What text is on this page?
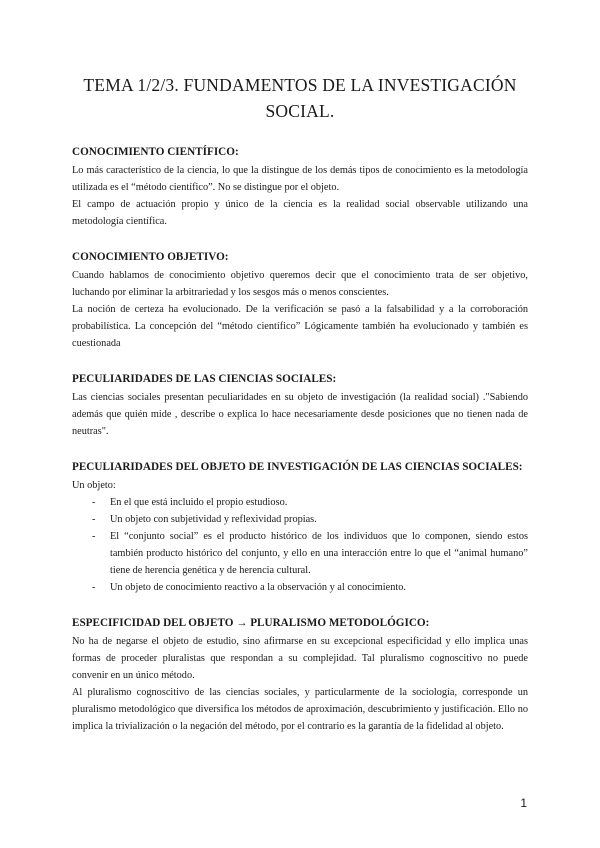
TEMA 1/2/3. FUNDAMENTOS DE LA INVESTIGACIÓN SOCIAL.
CONOCIMIENTO CIENTÍFICO:

Lo más característico de la ciencia, lo que la distingue de los demás tipos de conocimiento es la metodología utilizada es el “método científico”. No se distingue por el objeto.

El campo de actuación propio y único de la ciencia es la realidad social observable utilizando una metodología científica.

CONOCIMIENTO OBJETIVO:

Cuando hablamos de conocimiento objetivo queremos decir que el conocimiento trata de ser objetivo, luchando por eliminar la arbitrariedad y los sesgos más o menos conscientes.

La noción de certeza ha evolucionado. De la verificación se pasó a la falsabilidad y a la corroboración probabilística. La concepción del “método científico” Lógicamente también ha evolucionado y también es cuestionada

PECULIARIDADES DE LAS CIENCIAS SOCIALES:

Las ciencias sociales presentan peculiaridades en su objeto de investigación (la realidad social) ."Sabiendo además que quién mide , describe o explica lo hace necesariamente desde posiciones que no tienen nada de neutras".

PECULIARIDADES DEL OBJETO DE INVESTIGACIÓN DE LAS CIENCIAS SOCIALES:

Un objeto:

- En el que está incluido el propio estudioso.
- Un objeto con subjetividad y reflexividad propias.
- El “conjunto social” es el producto histórico de los individuos que lo componen, siendo estos también producto histórico del conjunto, y ello en una interacción entre lo que el “animal humano” tiene de herencia genética y de herencia cultural.
- Un objeto de conocimiento reactivo a la observación y al conocimiento.
ESPECIFICIDAD DEL OBJETO → PLURALISMO METODOLÓGICO:

No ha de negarse el objeto de estudio, sino afirmarse en su excepcional especificidad y ello implica unas formas de proceder pluralistas que respondan a su complejidad. Tal pluralismo cognoscitivo no puede convenir en un único método.

Al pluralismo cognoscitivo de las ciencias sociales, y particularmente de la sociología, corresponde un pluralismo metodológico que diversifica los métodos de aproximación, descubrimiento y justificación. Ello no implica la trivialización o la negación del método, por el contrario es la garantía de la fidelidad al objeto.

1
